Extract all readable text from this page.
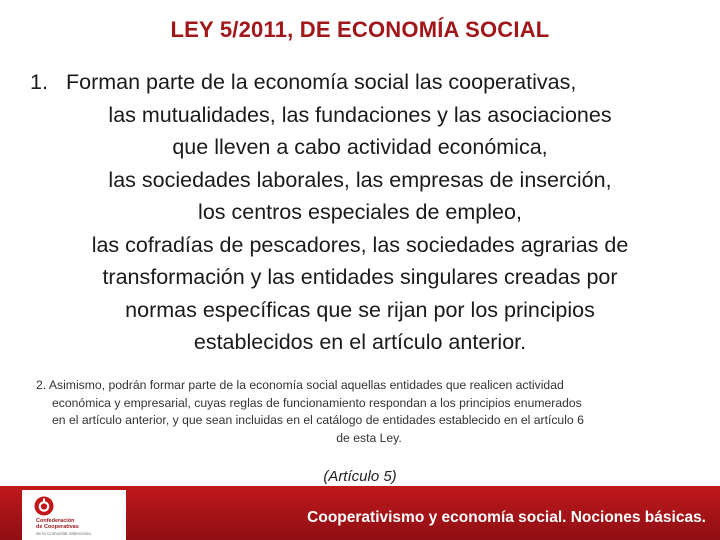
LEY 5/2011, DE ECONOMÍA SOCIAL
1. Forman parte de la economía social las cooperativas,
las mutualidades, las fundaciones y las asociaciones
que lleven a cabo actividad económica,
las sociedades laborales, las empresas de inserción,
los centros especiales de empleo,
las cofradías de pescadores, las sociedades agrarias de
transformación y las entidades singulares creadas por
normas específicas que se rijan por los principios
establecidos en el artículo anterior.
2. Asimismo, podrán formar parte de la economía social aquellas entidades que realicen actividad
económica y empresarial, cuyas reglas de funcionamiento respondan a los principios enumerados
en el artículo anterior, y que sean incluidas en el catálogo de entidades establecido en el artículo 6
de esta Ley.
(Artículo 5)
Confederación
de Cooperativas
de la Comunitat Valenciana
Cooperativismo y economía social. Nociones básicas.
